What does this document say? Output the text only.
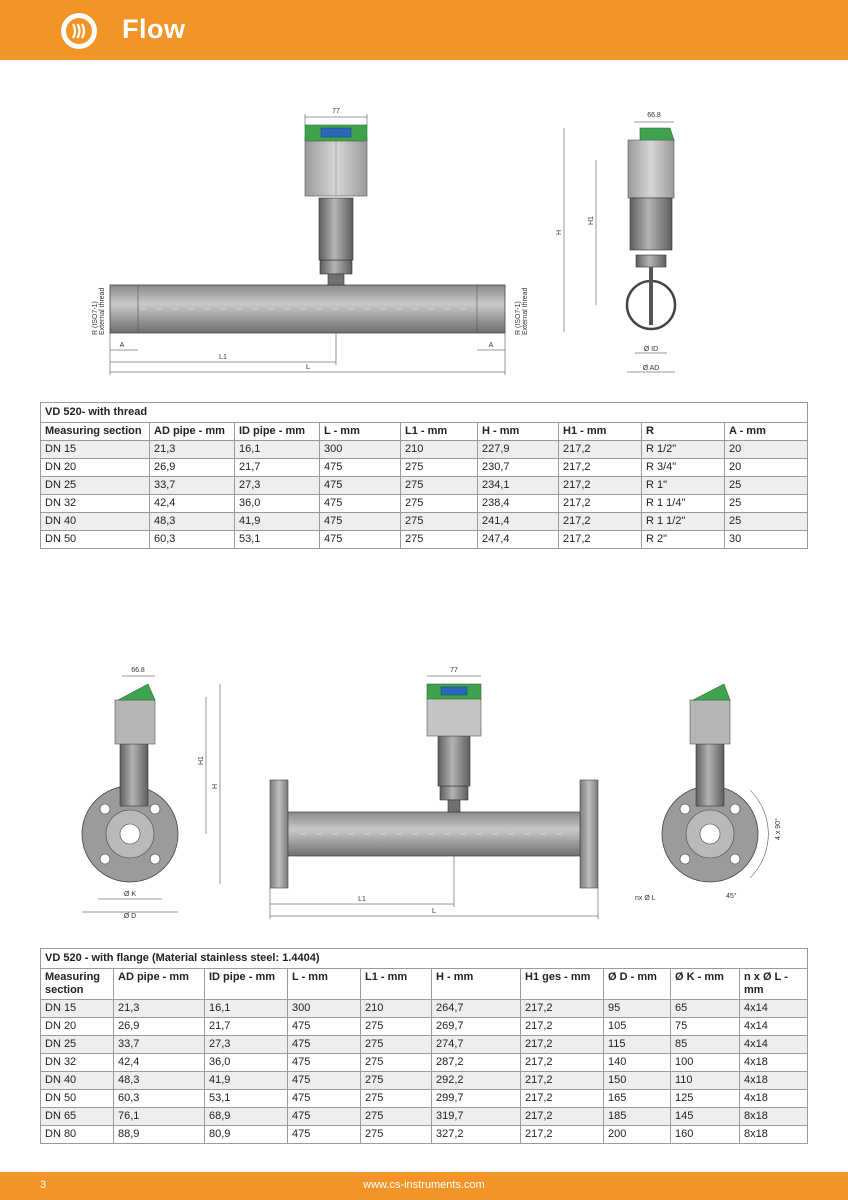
Flow
77
R (ISO7-1) External thread	R (ISO7-1) External thread
A	A
L1
L
66.8
H
H1
Ø ID
Ø AD
VD 520- with thread								
Measuring section	AD pipe - mm	ID pipe - mm	L - mm	L1 - mm	H - mm	H1 - mm	R	A - mm
DN 15	21,3	16,1	300	210	227,9	217,2	R 1/2"	20
DN 20	26,9	21,7	475	275	230,7	217,2	R 3/4"	20
DN 25	33,7	27,3	475	275	234,1	217,2	R 1"	25
DN 32	42,4	36,0	475	275	238,4	217,2	R 1 1/4"	25
DN 40	48,3	41,9	475	275	241,4	217,2	R 1 1/2"	25
DN 50	60,3	53,1	475	275	247,4	217,2	R 2"	30
66.8
H1
H
Ø K
Ø D
77
L1
L
4 x 90°
nx Ø L	45°
VD 520 - with flange (Material stainless steel: 1.4404)									
Measuring section	AD pipe - mm	ID pipe - mm	L - mm	L1 - mm	H - mm	H1 ges - mm	Ø D - mm	Ø K - mm	n x Ø L - mm
DN 15	21,3	16,1	300	210	264,7	217,2	95	65	4x14
DN 20	26,9	21,7	475	275	269,7	217,2	105	75	4x14
DN 25	33,7	27,3	475	275	274,7	217,2	115	85	4x14
DN 32	42,4	36,0	475	275	287,2	217,2	140	100	4x18
DN 40	48,3	41,9	475	275	292,2	217,2	150	110	4x18
DN 50	60,3	53,1	475	275	299,7	217,2	165	125	4x18
DN 65	76,1	68,9	475	275	319,7	217,2	185	145	8x18
DN 80	88,9	80,9	475	275	327,2	217,2	200	160	8x18
3	www.cs-instruments.com
